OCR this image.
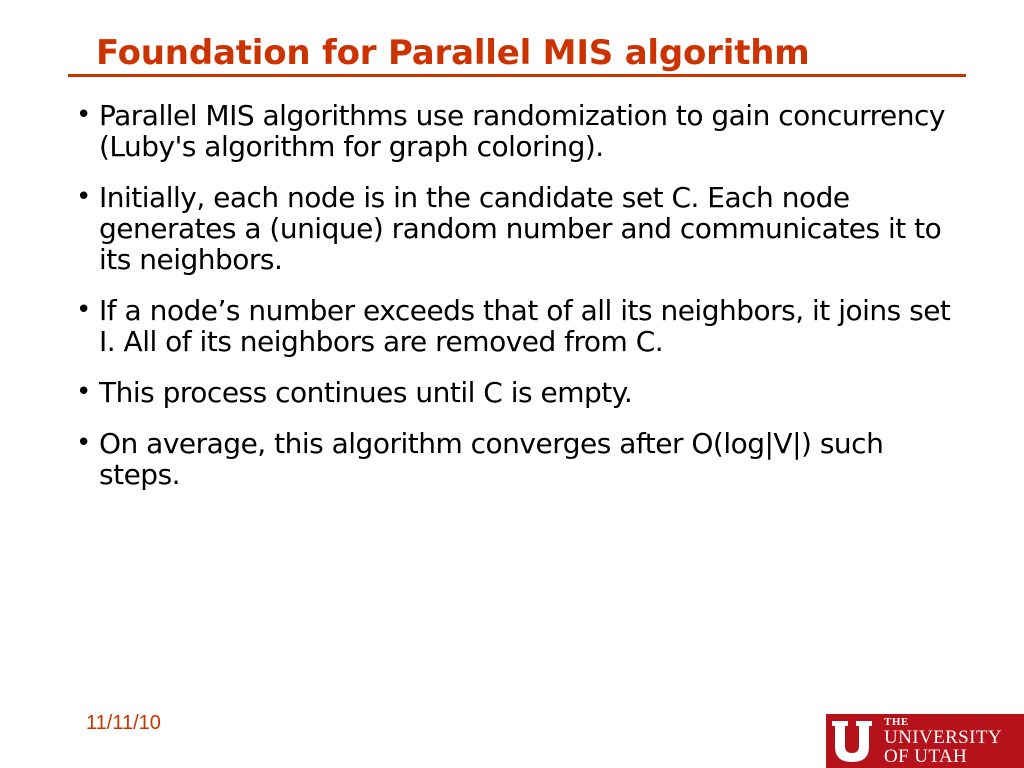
Foundation for Parallel MIS algorithm
• Parallel MIS algorithms use randomization to gain concurrency (Luby's algorithm for graph coloring).
• Initially, each node is in the candidate set C. Each node generates a (unique) random number and communicates it to its neighbors.
• If a node’s number exceeds that of all its neighbors, it joins set I. All of its neighbors are removed from C.
• This process continues until C is empty.
• On average, this algorithm converges after O(log|V|) such steps.
11/11/10	THE
UNIVERSITY
OF UTAH
